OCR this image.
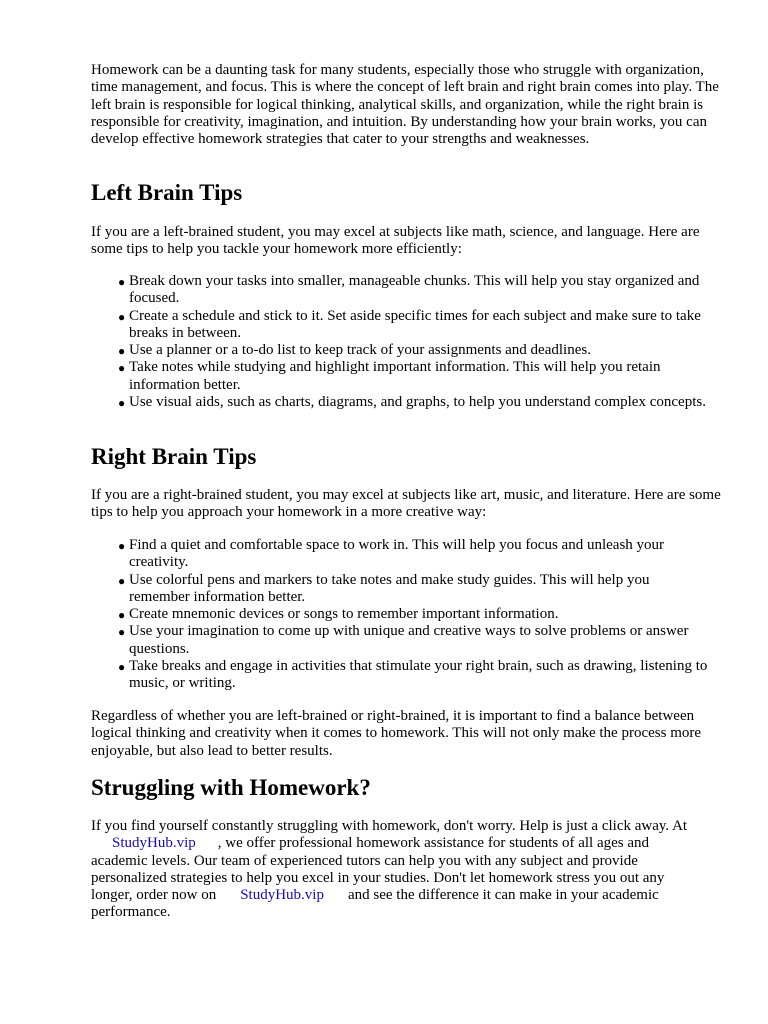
Homework can be a daunting task for many students, especially those who struggle with organization, time management, and focus. This is where the concept of left brain and right brain comes into play. The left brain is responsible for logical thinking, analytical skills, and organization, while the right brain is responsible for creativity, imagination, and intuition. By understanding how your brain works, you can develop effective homework strategies that cater to your strengths and weaknesses.

Left Brain Tips

If you are a left-brained student, you may excel at subjects like math, science, and language. Here are some tips to help you tackle your homework more efficiently:

● Break down your tasks into smaller, manageable chunks. This will help you stay organized and focused.
● Create a schedule and stick to it. Set aside specific times for each subject and make sure to take breaks in between.
● Use a planner or a to-do list to keep track of your assignments and deadlines.
● Take notes while studying and highlight important information. This will help you retain information better.
● Use visual aids, such as charts, diagrams, and graphs, to help you understand complex concepts.
Right Brain Tips

If you are a right-brained student, you may excel at subjects like art, music, and literature. Here are some tips to help you approach your homework in a more creative way:

● Find a quiet and comfortable space to work in. This will help you focus and unleash your creativity.
● Use colorful pens and markers to take notes and make study guides. This will help you remember information better.
● Create mnemonic devices or songs to remember important information.
● Use your imagination to come up with unique and creative ways to solve problems or answer questions.
● Take breaks and engage in activities that stimulate your right brain, such as drawing, listening to music, or writing.

Regardless of whether you are left-brained or right-brained, it is important to find a balance between logical thinking and creativity when it comes to homework. This will not only make the process more enjoyable, but also lead to better results.

Struggling with Homework?
If you find yourself constantly struggling with homework, don't worry. Help is just a click away. At
StudyHub.vip , we offer professional homework assistance for students of all ages and
academic levels. Our team of experienced tutors can help you with any subject and provide
personalized strategies to help you excel in your studies. Don't let homework stress you out any
longer, order now on StudyHub.vip and see the difference it can make in your academic
performance.
